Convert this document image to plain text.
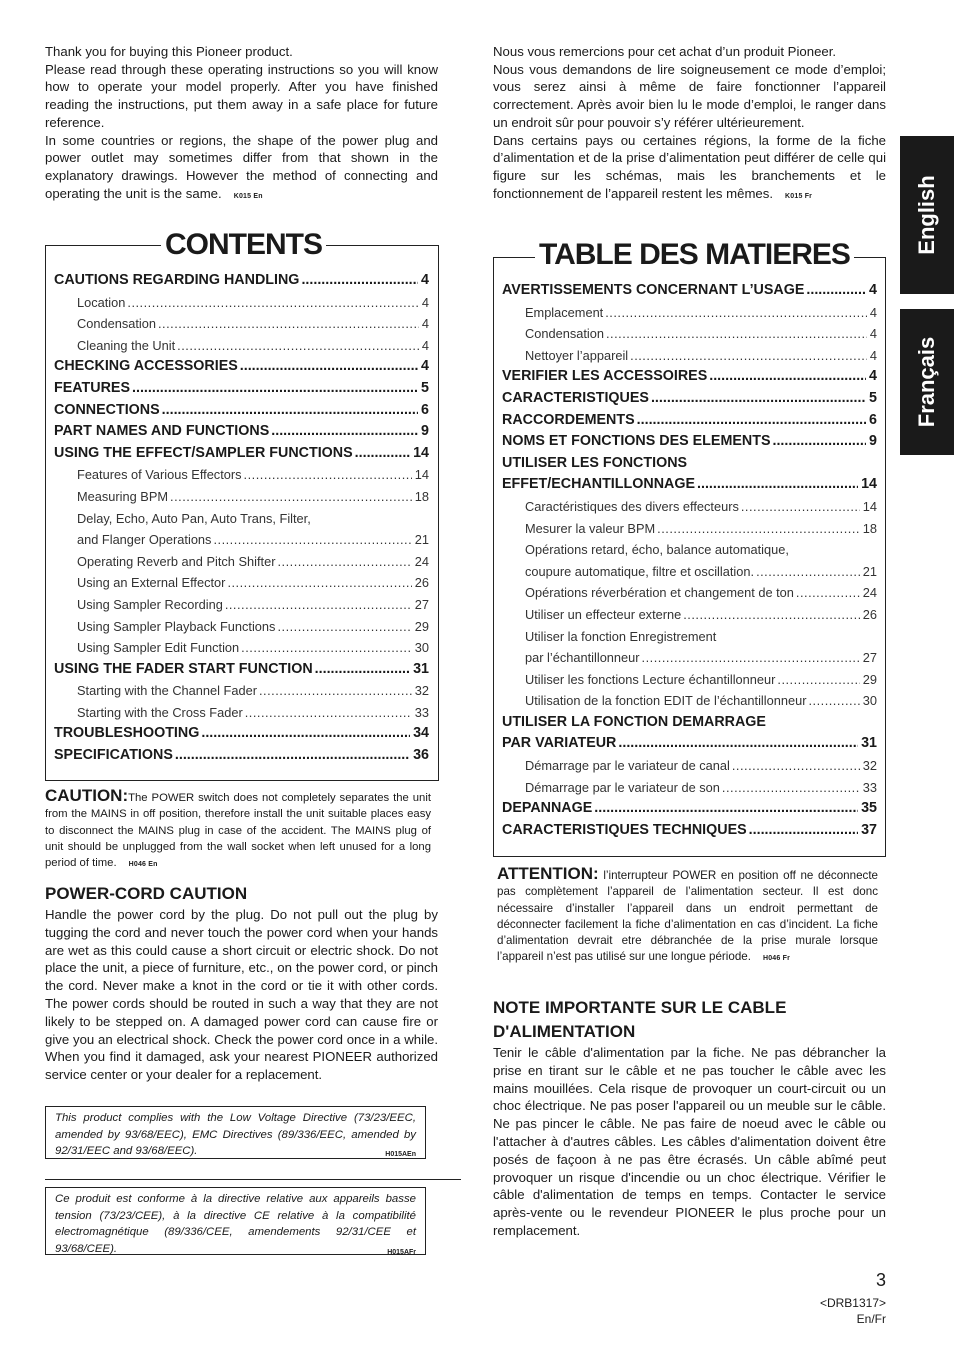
Thank you for buying this Pioneer product.

Please read through these operating instructions so you will know how to operate your model properly. After you have finished reading the instructions, put them away in a safe place for future reference.

In some countries or regions, the shape of the power plug and power outlet may sometimes differ from that shown in the explanatory drawings. However the method of connecting and operating the unit is the same. K015 En

Nous vous remercions pour cet achat d’un produit Pioneer.

Nous vous demandons de lire soigneusement ce mode d’emploi; vous serez ainsi à même de faire fonctionner l’appareil correctement. Après avoir bien lu le mode d’emploi, le ranger dans un endroit sûr pour pouvoir s’y référer ultérieurement.

Dans certains pays ou certaines régions, la forme de la fiche d’alimentation et de la prise d’alimentation peut différer de celle qui figure sur les schémas, mais les branchements et le fonctionnement de l’appareil restent les mêmes. K015 Fr

CONTENTS
CAUTIONS REGARDING HANDLING .....	4
Location .....	4
Condensation .....	4
Cleaning the Unit .....	4
CHECKING ACCESSORIES .....	4
FEATURES .....	5
CONNECTIONS .....	6
PART NAMES AND FUNCTIONS .....	9
USING THE EFFECT/SAMPLER FUNCTIONS .....	14
Features of Various Effectors .....	14
Measuring BPM .....	18
Delay, Echo, Auto Pan, Auto Trans, Filter,
and Flanger Operations .....	21
Operating Reverb and Pitch Shifter .....	24
Using an External Effector .....	26
Using Sampler Recording .....	27
Using Sampler Playback Functions .....	29
Using Sampler Edit Function .....	30
USING THE FADER START FUNCTION .....	31
Starting with the Channel Fader .....	32
Starting with the Cross Fader .....	33
TROUBLESHOOTING .....	34
SPECIFICATIONS .....	36
TABLE DES MATIERES
AVERTISSEMENTS CONCERNANT L’USAGE .....	4
Emplacement .....	4
Condensation .....	4
Nettoyer l’appareil .....	4
VERIFIER LES ACCESSOIRES .....	4
CARACTERISTIQUES .....	5
RACCORDEMENTS .....	6
NOMS ET FONCTIONS DES ELEMENTS .....	9
UTILISER LES FONCTIONS
EFFET/ECHANTILLONNAGE .....	14
Caractéristiques des divers effecteurs .....	14
Mesurer la valeur BPM .....	18
Opérations retard, écho, balance automatique,
coupure automatique, filtre et oscillation. .....	21
Opérations réverbération et changement de ton .....	24
Utiliser un effecteur externe .....	26
Utiliser la fonction Enregistrement
par l’échantillonneur .....	27
Utiliser les fonctions Lecture échantillonneur .....	29
Utilisation de la fonction EDIT de l’échantillonneur .....	30
UTILISER LA FONCTION DEMARRAGE
PAR VARIATEUR .....	31
Démarrage par le variateur de canal .....	32
Démarrage par le variateur de son .....	33
DEPANNAGE .....	35
CARACTERISTIQUES TECHNIQUES .....	37

CAUTION:The POWER switch does not completely separates the unit from the MAINS in off position, therefore install the unit suitable places easy to disconnect the MAINS plug in case of the accident. The MAINS plug of unit should be unplugged from the wall socket when left unused for a long period of time. H046 En

POWER-CORD CAUTION

Handle the power cord by the plug. Do not pull out the plug by tugging the cord and never touch the power cord when your hands are wet as this could cause a short circuit or electric shock. Do not place the unit, a piece of furniture, etc., on the power cord, or pinch the cord. Never make a knot in the cord or tie it with other cords. The power cords should be routed in such a way that they are not likely to be stepped on. A damaged power cord can cause fire or give you an electrical shock. Check the power cord once in a while. When you find it damaged, ask your nearest PIONEER authorized service center or your dealer for a replacement.

This product complies with the Low Voltage Directive (73/23/EEC, amended by 93/68/EEC), EMC Directives (89/336/EEC, amended by 92/31/EEC and 93/68/EEC).	H015AEn
Ce produit est conforme à la directive relative aux appareils basse tension (73/23/CEE), à la directive CE relative à la compatibilité electromagnétique (89/336/CEE, amendements 92/31/CEE et 93/68/CEE).	H015AFr

ATTENTION: l’interrupteur POWER en position off ne déconnecte pas complètement l’appareil de l’alimentation secteur. Il est donc nécessaire d’installer l’appareil dans un endroit permettant de déconnecter facilement la fiche d’alimentation en cas d’incident. La fiche d’alimentation devrait etre débranchée de la prise murale lorsque l’appareil n’est pas utilisé sur une longue période. H046 Fr

NOTE IMPORTANTE SUR LE CABLE D'ALIMENTATION

Tenir le câble d'alimentation par la fiche. Ne pas débrancher la prise en tirant sur le câble et ne pas toucher le câble avec les mains mouillées. Cela risque de provoquer un court-circuit ou un choc électrique. Ne pas poser l'appareil ou un meuble sur le câble. Ne pas pincer le câble. Ne pas faire de noeud avec le câble ou l'attacher à d'autres câbles. Les câbles d'alimentation doivent être posés de façoon à ne pas être écrasés. Un câble abîmé peut provoquer un risque d'incendie ou un choc électrique. Vérifier le câble d'alimentation de temps en temps. Contacter le service après-vente ou le revendeur PIONEER le plus proche pour un remplacement.

English
Français
3
<DRB1317>
En/Fr
